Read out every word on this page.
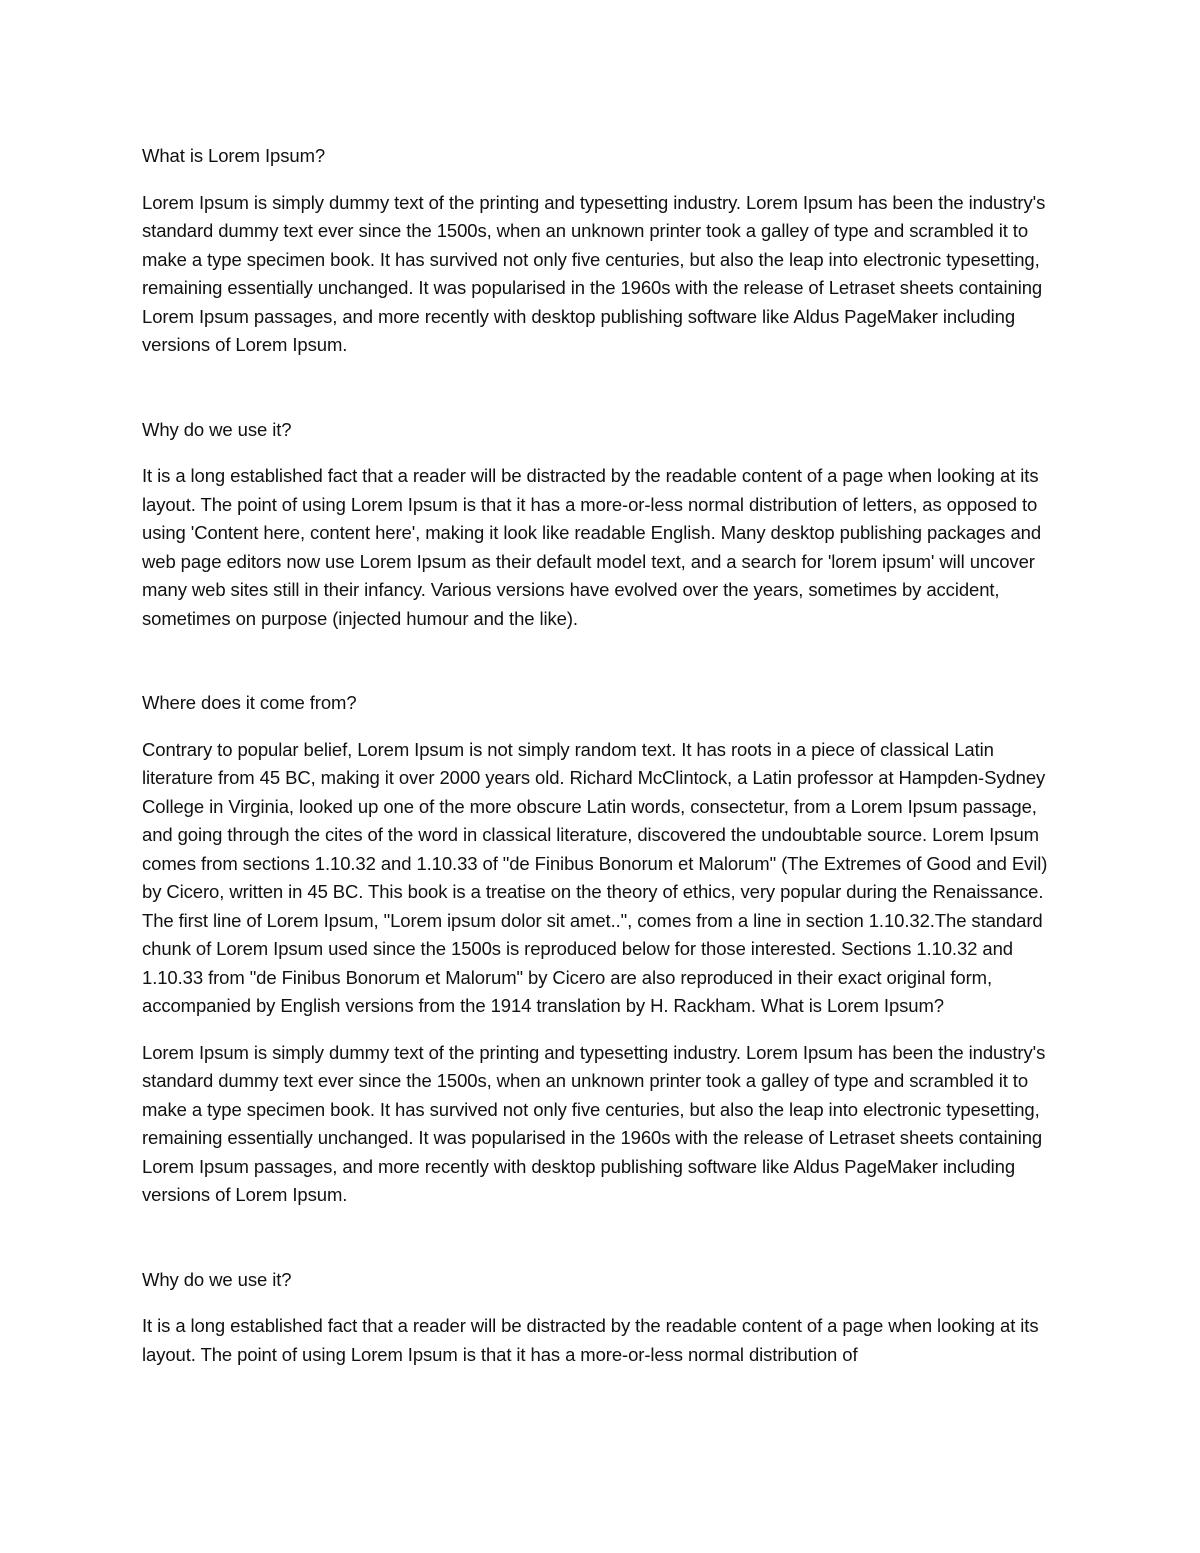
What is Lorem Ipsum?

Lorem Ipsum is simply dummy text of the printing and typesetting industry. Lorem Ipsum has been the industry's standard dummy text ever since the 1500s, when an unknown printer took a galley of type and scrambled it to make a type specimen book. It has survived not only five centuries, but also the leap into electronic typesetting, remaining essentially unchanged. It was popularised in the 1960s with the release of Letraset sheets containing Lorem Ipsum passages, and more recently with desktop publishing software like Aldus PageMaker including versions of Lorem Ipsum.

Why do we use it?

It is a long established fact that a reader will be distracted by the readable content of a page when looking at its layout. The point of using Lorem Ipsum is that it has a more-or-less normal distribution of letters, as opposed to using 'Content here, content here', making it look like readable English. Many desktop publishing packages and web page editors now use Lorem Ipsum as their default model text, and a search for 'lorem ipsum' will uncover many web sites still in their infancy. Various versions have evolved over the years, sometimes by accident, sometimes on purpose (injected humour and the like).

Where does it come from?

Contrary to popular belief, Lorem Ipsum is not simply random text. It has roots in a piece of classical Latin literature from 45 BC, making it over 2000 years old. Richard McClintock, a Latin professor at Hampden-Sydney College in Virginia, looked up one of the more obscure Latin words, consectetur, from a Lorem Ipsum passage, and going through the cites of the word in classical literature, discovered the undoubtable source. Lorem Ipsum comes from sections 1.10.32 and 1.10.33 of "de Finibus Bonorum et Malorum" (The Extremes of Good and Evil) by Cicero, written in 45 BC. This book is a treatise on the theory of ethics, very popular during the Renaissance. The first line of Lorem Ipsum, "Lorem ipsum dolor sit amet..", comes from a line in section 1.10.32.The standard chunk of Lorem Ipsum used since the 1500s is reproduced below for those interested. Sections 1.10.32 and 1.10.33 from "de Finibus Bonorum et Malorum" by Cicero are also reproduced in their exact original form, accompanied by English versions from the 1914 translation by H. Rackham. What is Lorem Ipsum?

Lorem Ipsum is simply dummy text of the printing and typesetting industry. Lorem Ipsum has been the industry's standard dummy text ever since the 1500s, when an unknown printer took a galley of type and scrambled it to make a type specimen book. It has survived not only five centuries, but also the leap into electronic typesetting, remaining essentially unchanged. It was popularised in the 1960s with the release of Letraset sheets containing Lorem Ipsum passages, and more recently with desktop publishing software like Aldus PageMaker including versions of Lorem Ipsum.

Why do we use it?

It is a long established fact that a reader will be distracted by the readable content of a page when looking at its layout. The point of using Lorem Ipsum is that it has a more-or-less normal distribution of
